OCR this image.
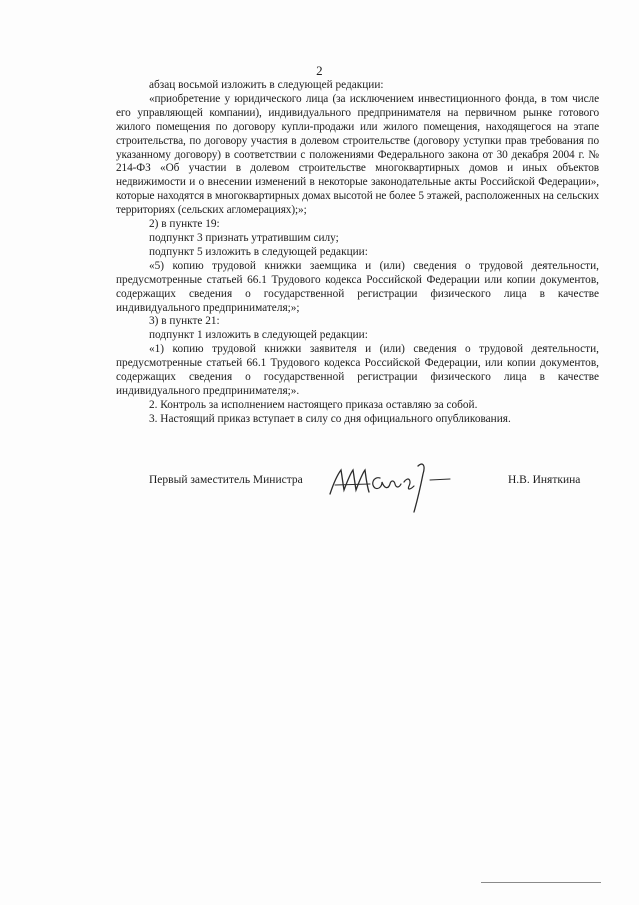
2

абзац восьмой изложить в следующей редакции:

«приобретение у юридического лица (за исключением инвестиционного фонда, в том числе его управляющей компании), индивидуального предпринимателя на первичном рынке готового жилого помещения по договору купли-продажи или жилого помещения, находящегося на этапе строительства, по договору участия в долевом строительстве (договору уступки прав требования по указанному договору) в соответствии с положениями Федерального закона от 30 декабря 2004 г. № 214-ФЗ «Об участии в долевом строительстве многоквартирных домов и иных объектов недвижимости и о внесении изменений в некоторые законодательные акты Российской Федерации», которые находятся в многоквартирных домах высотой не более 5 этажей, расположенных на сельских территориях (сельских агломерациях);»;

2) в пункте 19:

подпункт 3 признать утратившим силу;

подпункт 5 изложить в следующей редакции:

«5) копию трудовой книжки заемщика и (или) сведения о трудовой деятельности, предусмотренные статьей 66.1 Трудового кодекса Российской Федерации или копии документов, содержащих сведения о государственной регистрации физического лица в качестве индивидуального предпринимателя;»;

3) в пункте 21:

подпункт 1 изложить в следующей редакции:

«1) копию трудовой книжки заявителя и (или) сведения о трудовой деятельности, предусмотренные статьей 66.1 Трудового кодекса Российской Федерации, или копии документов, содержащих сведения о государственной регистрации физического лица в качестве индивидуального предпринимателя;».

2. Контроль за исполнением настоящего приказа оставляю за собой.

3. Настоящий приказ вступает в силу со дня официального опубликования.

Первый заместитель Министра	Н.В. Иняткина
